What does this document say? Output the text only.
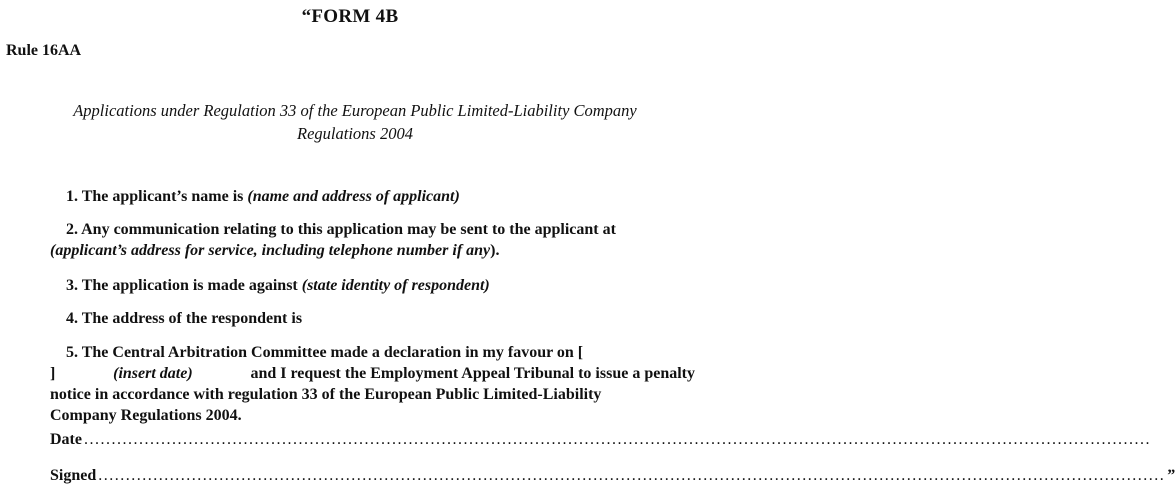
“FORM 4B
Rule 16AA
Applications under Regulation 33 of the European Public Limited-Liability Company
Regulations 2004
1. The applicant’s name is (name and address of applicant)
2. Any communication relating to this application may be sent to the applicant at
(applicant’s address for service, including telephone number if any).
3. The application is made against (state identity of respondent)
4. The address of the respondent is
5. The Central Arbitration Committee made a declaration in my favour on [
]	(insert date)	and I request the Employment Appeal Tribunal to issue a penalty
notice in accordance with regulation 33 of the European Public Limited-Liability
Company Regulations 2004.
Date ..................................................................................................................................................................................................
Signed .................................................................................................................................................................................................. ”
